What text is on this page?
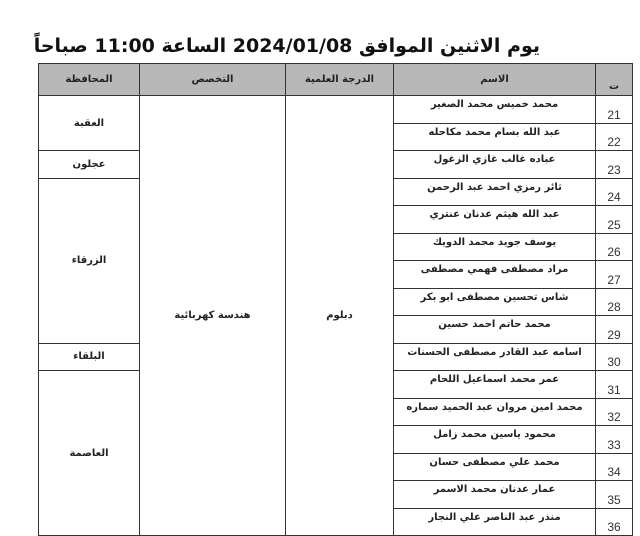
يوم الاثنين الموافق 2024/01/08 الساعة 11:00 صباحاً
ت	الاسم	الدرجة العلمية	التخصص	المحافظة
21	محمد خميس محمد الصغير	دبلوم	هندسة كهربائية	العقبة
22	عبد الله بسام محمد مكاحله			
23	عباده غالب غازي الزغول			عجلون
24	ثائر رمزي احمد عبد الرحمن			الزرقاء
25	عبد الله هيثم عدنان عنتري			
26	يوسف جويد محمد الدويك			
27	مراد مصطفى فهمي مصطفى			
28	شاس تحسين مصطفى ابو بكر			
29	محمد حاتم احمد حسين			
30	اسامه عبد القادر مصطفى الحسنات			البلقاء
31	عمر محمد اسماعيل اللحام			العاصمة
32	محمد امين مروان عبد الحميد سماره			
33	محمود ياسين محمد زامل			
34	محمد علي مصطفى حسان			
35	عمار عدنان محمد الاسمر			
36	منذر عبد الناصر علي النجار			
